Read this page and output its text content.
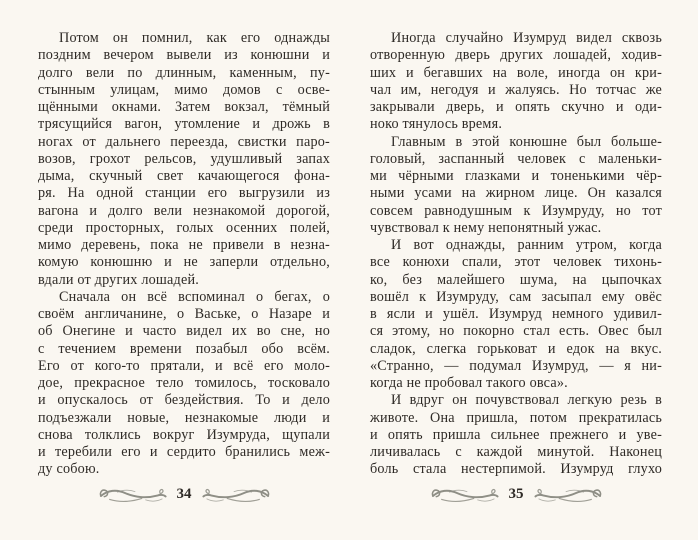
Потом он помнил, как его однажды
поздним вечером вывели из конюшни и
долго вели по длинным, каменным, пу-
стынным улицам, мимо домов с осве-
щёнными окнами. Затем вокзал, тёмный
трясущийся вагон, утомление и дрожь в
ногах от дальнего переезда, свистки паро-
возов, грохот рельсов, удушливый запах
дыма, скучный свет качающегося фона-
ря. На одной станции его выгрузили из
вагона и долго вели незнакомой дорогой,
среди просторных, голых осенних полей,
мимо деревень, пока не привели в незна-
комую конюшню и не заперли отдельно,
вдали от других лошадей.
Сначала он всё вспоминал о бегах, о
своём англичанине, о Ваське, о Назаре и
об Онегине и часто видел их во сне, но
с течением времени позабыл обо всём.
Его от кого-то прятали, и всё его моло-
дое, прекрасное тело томилось, тосковало
и опускалось от бездействия. То и дело
подъезжали новые, незнакомые люди и
снова толклись вокруг Изумруда, щупали
и теребили его и сердито бранились меж-
ду собою.
34
Иногда случайно Изумруд видел сквозь
отворенную дверь других лошадей, ходив-
ших и бегавших на воле, иногда он кри-
чал им, негодуя и жалуясь. Но тотчас же
закрывали дверь, и опять скучно и оди-
ноко тянулось время.
Главным в этой конюшне был больше-
головый, заспанный человек с маленьки-
ми чёрными глазками и тоненькими чёр-
ными усами на жирном лице. Он казался
совсем равнодушным к Изумруду, но тот
чувствовал к нему непонятный ужас.
И вот однажды, ранним утром, когда
все конюхи спали, этот человек тихонь-
ко, без малейшего шума, на цыпочках
вошёл к Изумруду, сам засыпал ему овёс
в ясли и ушёл. Изумруд немного удивил-
ся этому, но покорно стал есть. Овес был
сладок, слегка горьковат и едок на вкус.
«Странно, — подумал Изумруд, — я ни-
когда не пробовал такого овса».
И вдруг он почувствовал легкую резь в
животе. Она пришла, потом прекратилась
и опять пришла сильнее прежнего и уве-
личивалась с каждой минутой. Наконец
боль стала нестерпимой. Изумруд глухо
35
